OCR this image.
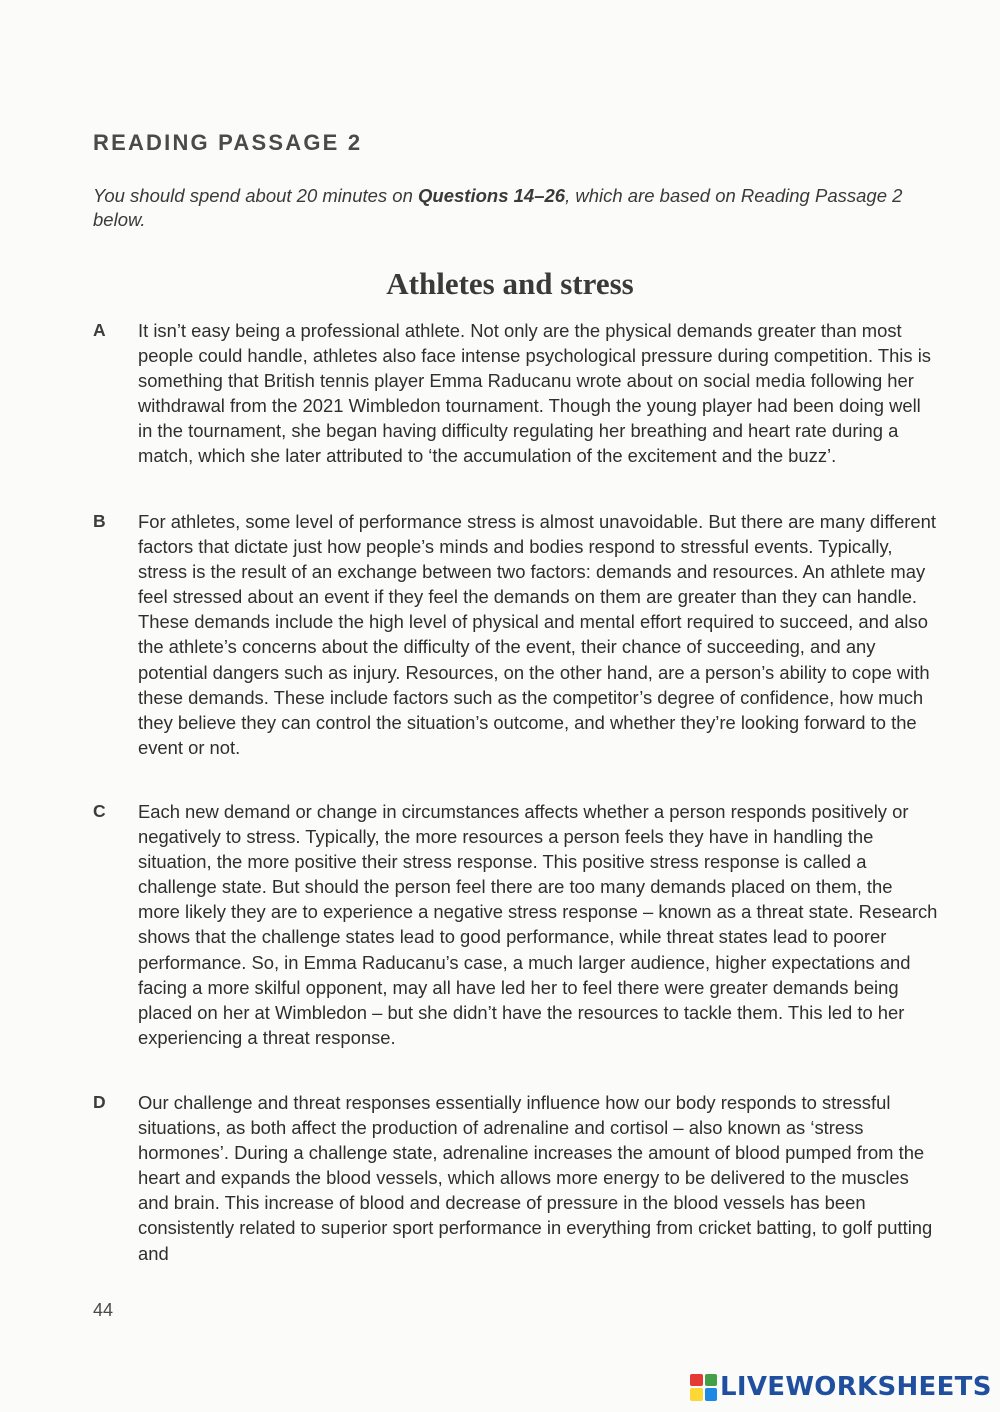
READING PASSAGE 2

You should spend about 20 minutes on Questions 14–26, which are based on Reading Passage 2 below.

Athletes and stress
A It isn’t easy being a professional athlete. Not only are the physical demands greater than most people could handle, athletes also face intense psychological pressure during competition. This is something that British tennis player Emma Raducanu wrote about on social media following her withdrawal from the 2021 Wimbledon tournament. Though the young player had been doing well in the tournament, she began having difficulty regulating her breathing and heart rate during a match, which she later attributed to ‘the accumulation of the excitement and the buzz’.

B For athletes, some level of performance stress is almost unavoidable. But there are many different factors that dictate just how people’s minds and bodies respond to stressful events. Typically, stress is the result of an exchange between two factors: demands and resources. An athlete may feel stressed about an event if they feel the demands on them are greater than they can handle. These demands include the high level of physical and mental effort required to succeed, and also the athlete’s concerns about the difficulty of the event, their chance of succeeding, and any potential dangers such as injury. Resources, on the other hand, are a person’s ability to cope with these demands. These include factors such as the competitor’s degree of confidence, how much they believe they can control the situation’s outcome, and whether they’re looking forward to the event or not.

C Each new demand or change in circumstances affects whether a person responds positively or negatively to stress. Typically, the more resources a person feels they have in handling the situation, the more positive their stress response. This positive stress response is called a challenge state. But should the person feel there are too many demands placed on them, the more likely they are to experience a negative stress response – known as a threat state. Research shows that the challenge states lead to good performance, while threat states lead to poorer performance. So, in Emma Raducanu’s case, a much larger audience, higher expectations and facing a more skilful opponent, may all have led her to feel there were greater demands being placed on her at Wimbledon – but she didn’t have the resources to tackle them. This led to her experiencing a threat response.

D Our challenge and threat responses essentially influence how our body responds to stressful situations, as both affect the production of adrenaline and cortisol – also known as ‘stress hormones’. During a challenge state, adrenaline increases the amount of blood pumped from the heart and expands the blood vessels, which allows more energy to be delivered to the muscles and brain. This increase of blood and decrease of pressure in the blood vessels has been consistently related to superior sport performance in everything from cricket batting, to golf putting and

44
LIVEWORKSHEETS
